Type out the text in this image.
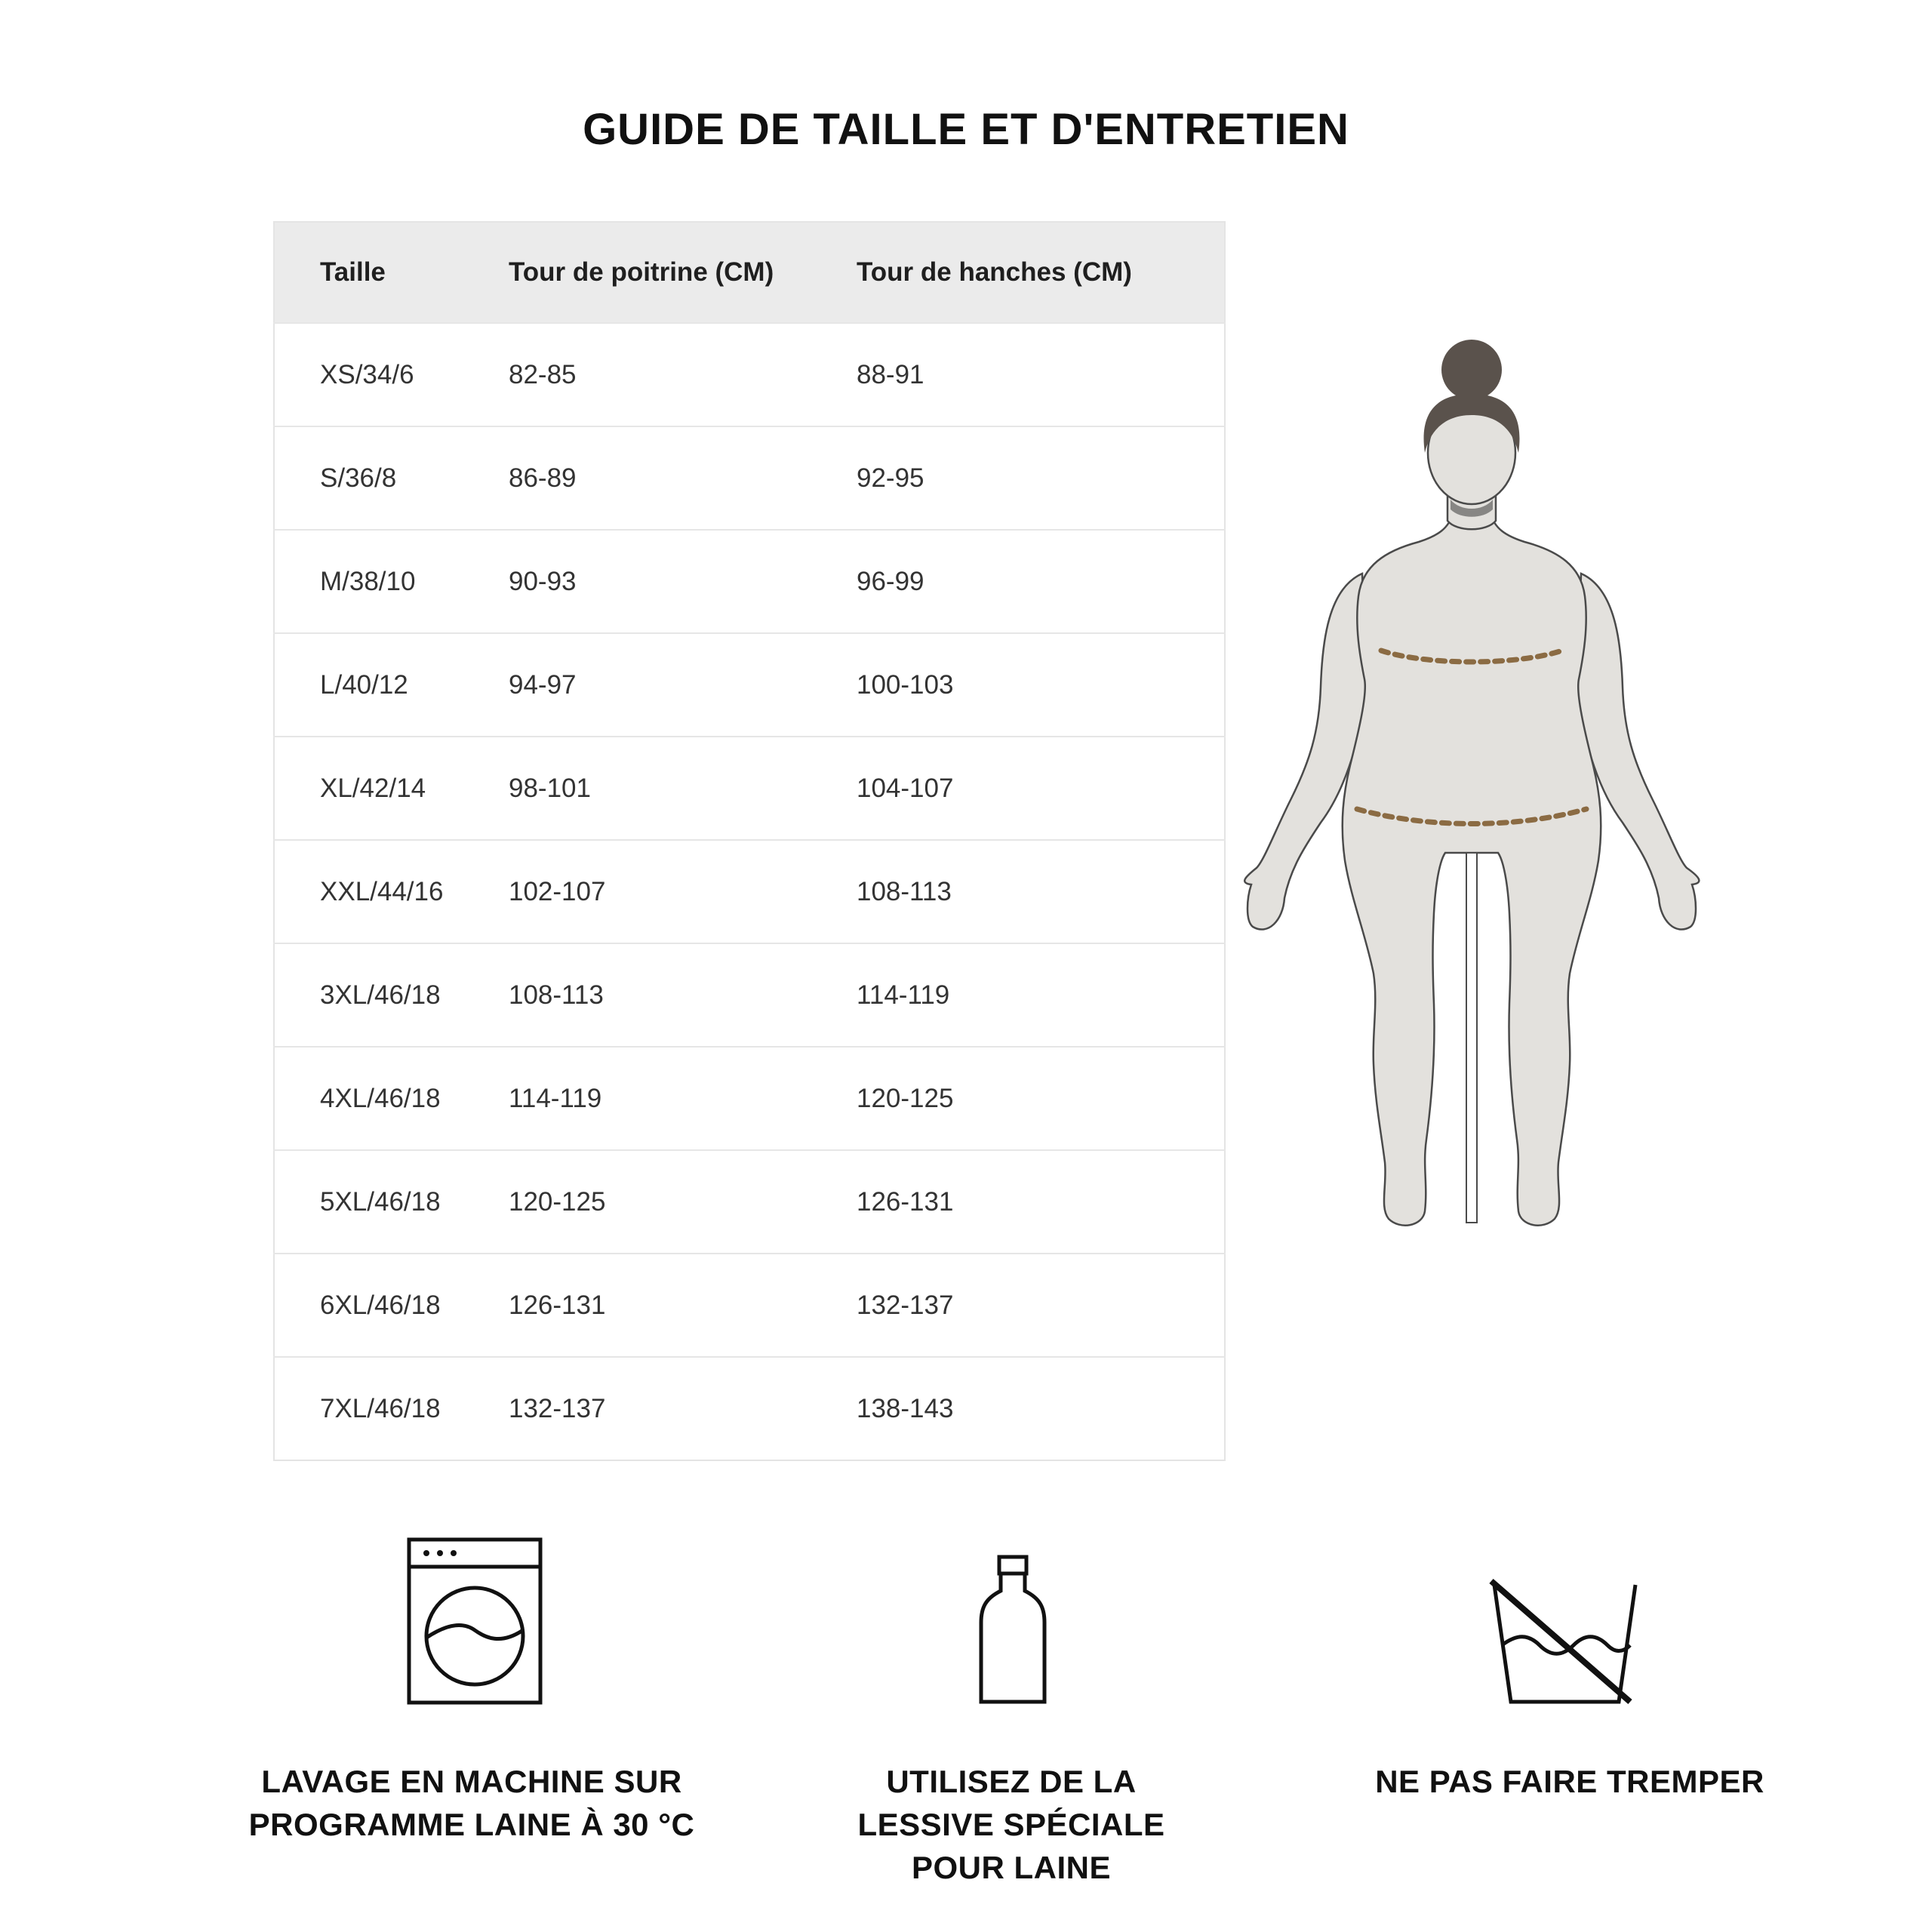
GUIDE DE TAILLE ET D'ENTRETIEN
Taille	Tour de poitrine (CM)	Tour de hanches (CM)
XS/34/6	82-85	88-91
S/36/8	86-89	92-95
M/38/10	90-93	96-99
L/40/12	94-97	100-103
XL/42/14	98-101	104-107
XXL/44/16	102-107	108-113
3XL/46/18	108-113	114-119
4XL/46/18	114-119	120-125
5XL/46/18	120-125	126-131
6XL/46/18	126-131	132-137
7XL/46/18	132-137	138-143

LAVAGE EN MACHINE SUR
PROGRAMME LAINE À 30 °C

UTILISEZ DE LA
LESSIVE SPÉCIALE
POUR LAINE

NE PAS FAIRE TREMPER
